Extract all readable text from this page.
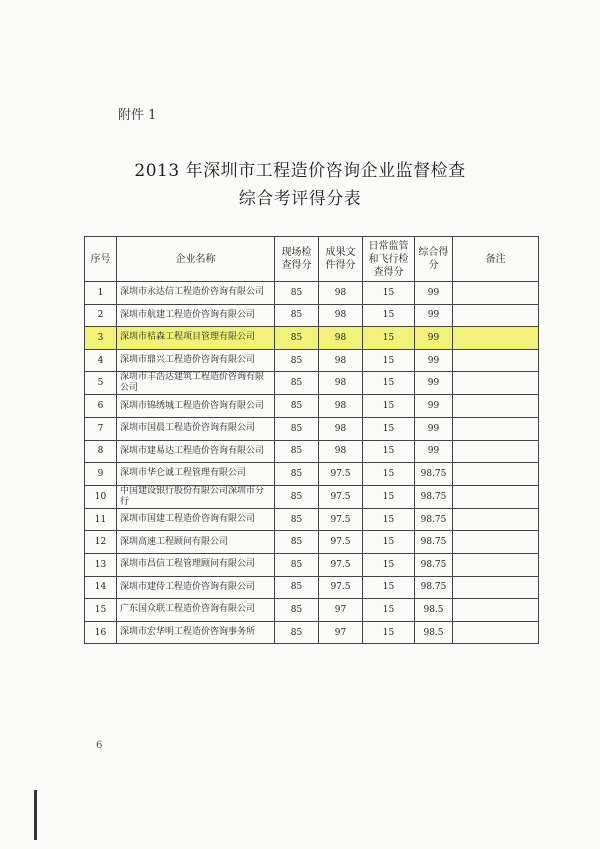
附件 1
2013 年深圳市工程造价咨询企业监督检查
综合考评得分表
序号	企业名称	现场检查得分	成果文件得分	日常监管和飞行检查得分	综合得分	备注
1	深圳市永达信工程造价咨询有限公司	85	98	15	99	
2	深圳市航建工程造价咨询有限公司	85	98	15	99	
3	深圳市桔森工程项目管理有限公司	85	98	15	99	
4	深圳市鼎兴工程造价咨询有限公司	85	98	15	99	
5	深圳市丰浩达建筑工程造价咨询有限公司	85	98	15	99	
6	深圳市锦绣城工程造价咨询有限公司	85	98	15	99	
7	深圳市国晨工程造价咨询有限公司	85	98	15	99	
8	深圳市建易达工程造价咨询有限公司	85	98	15	99	
9	深圳市华仑诚工程管理有限公司	85	97.5	15	98.75	
10	中国建设银行股份有限公司深圳市分行	85	97.5	15	98.75	
11	深圳市国建工程造价咨询有限公司	85	97.5	15	98.75	
12	深圳高速工程顾问有限公司	85	97.5	15	98.75	
13	深圳市昌信工程管理顾问有限公司	85	97.5	15	98.75	
14	深圳市建侍工程造价咨询有限公司	85	97.5	15	98.75	
15	广东国众联工程造价咨询有限公司	85	97	15	98.5	
16	深圳市宏华明工程造价咨询事务所	85	97	15	98.5	
6
